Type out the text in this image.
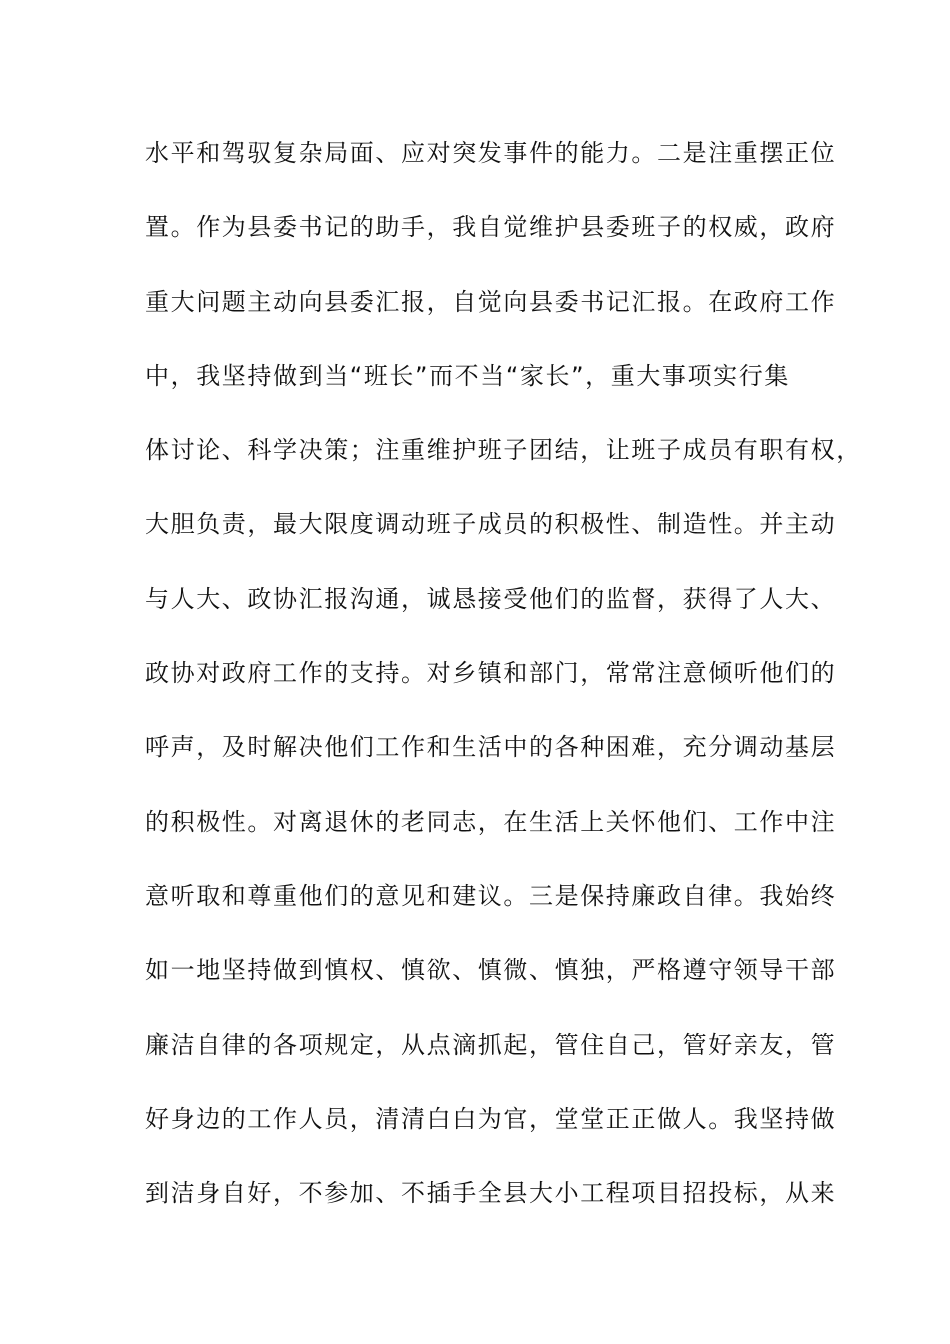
水平和驾驭复杂局面、应对突发事件的能力。二是注重摆正位
置。作为县委书记的助手，我自觉维护县委班子的权威，政府
重大问题主动向县委汇报，自觉向县委书记汇报。在政府工作
中，我坚持做到当“班长”而不当“家长”，重大事项实行集
体讨论、科学决策；注重维护班子团结，让班子成员有职有权，
大胆负责，最大限度调动班子成员的积极性、制造性。并主动
与人大、政协汇报沟通，诚恳接受他们的监督，获得了人大、
政协对政府工作的支持。对乡镇和部门，常常注意倾听他们的
呼声，及时解决他们工作和生活中的各种困难，充分调动基层
的积极性。对离退休的老同志，在生活上关怀他们、工作中注
意听取和尊重他们的意见和建议。三是保持廉政自律。我始终
如一地坚持做到慎权、慎欲、慎微、慎独，严格遵守领导干部
廉洁自律的各项规定，从点滴抓起，管住自己，管好亲友，管
好身边的工作人员，清清白白为官，堂堂正正做人。我坚持做
到洁身自好，不参加、不插手全县大小工程项目招投标，从来
